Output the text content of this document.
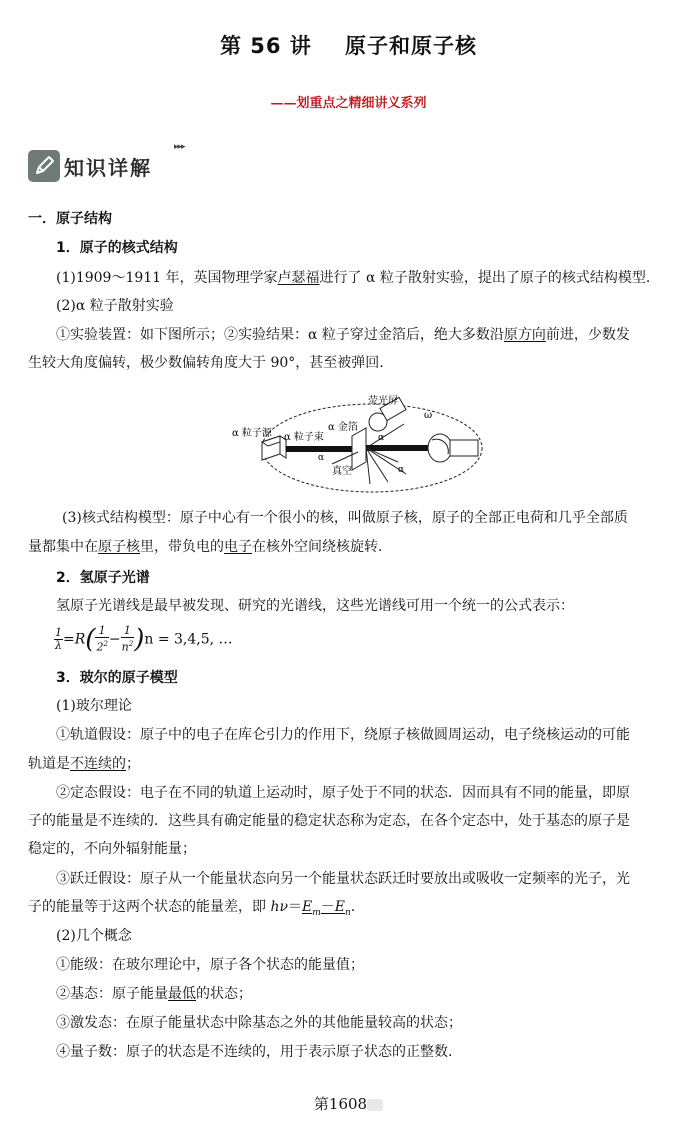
第 56 讲    原子和原子核
——划重点之精细讲义系列
知识详解
▸▸▸
一．原子结构
1．原子的核式结构
(1)1909～1911 年，英国物理学家卢瑟福进行了 α 粒子散射实验，提出了原子的核式结构模型.
(2)α 粒子散射实验
①实验装置：如下图所示；②实验结果：α 粒子穿过金箔后，绝大多数沿原方向前进，少数发
生较大角度偏转，极少数偏转角度大于 90°，甚至被弹回.
荧光屏
α 粒子源 α 粒子束
α 金箔
真空
α
α
α
ω
(3)核式结构模型：原子中心有一个很小的核，叫做原子核，原子的全部正电荷和几乎全部质
量都集中在原子核里，带负电的电子在核外空间绕核旋转.
2．氢原子光谱
氢原子光谱线是最早被发现、研究的光谱线，这些光谱线可用一个统一的公式表示：
$\frac{1}{\lambda} =R( \frac{1}{2^2} - \frac{1}{n^2} )n = 3,4,5$, …
3．玻尔的原子模型
(1)玻尔理论
①轨道假设：原子中的电子在库仑引力的作用下，绕原子核做圆周运动，电子绕核运动的可能
轨道是不连续的；
②定态假设：电子在不同的轨道上运动时，原子处于不同的状态．因而具有不同的能量，即原
子的能量是不连续的．这些具有确定能量的稳定状态称为定态，在各个定态中，处于基态的原子是
稳定的，不向外辐射能量；
③跃迁假设：原子从一个能量状态向另一个能量状态跃迁时要放出或吸收一定频率的光子，光
子的能量等于这两个状态的能量差，即 $h\nu=E_m-E_n$.
(2)几个概念
①能级：在玻尔理论中，原子各个状态的能量值；
②基态：原子能量最低的状态；
③激发态：在原子能量状态中除基态之外的其他能量较高的状态；
④量子数：原子的状态是不连续的，用于表示原子状态的正整数.
第1608
